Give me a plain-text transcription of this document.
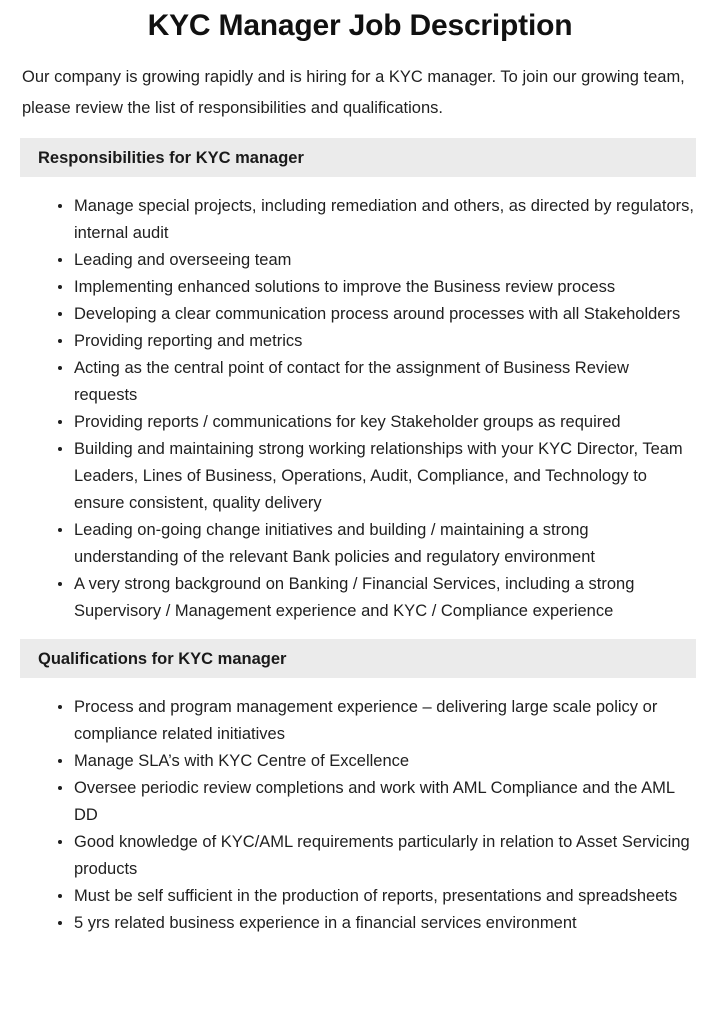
KYC Manager Job Description

Our company is growing rapidly and is hiring for a KYC manager. To join our growing team, please review the list of responsibilities and qualifications.

Responsibilities for KYC manager
Manage special projects, including remediation and others, as directed by regulators, internal audit
Leading and overseeing team
Implementing enhanced solutions to improve the Business review process
Developing a clear communication process around processes with all Stakeholders
Providing reporting and metrics
Acting as the central point of contact for the assignment of Business Review requests
Providing reports / communications for key Stakeholder groups as required
Building and maintaining strong working relationships with your KYC Director, Team Leaders, Lines of Business, Operations, Audit, Compliance, and Technology to ensure consistent, quality delivery
Leading on-going change initiatives and building / maintaining a strong understanding of the relevant Bank policies and regulatory environment
A very strong background on Banking / Financial Services, including a strong Supervisory / Management experience and KYC / Compliance experience
Qualifications for KYC manager
Process and program management experience – delivering large scale policy or compliance related initiatives
Manage SLA’s with KYC Centre of Excellence
Oversee periodic review completions and work with AML Compliance and the AML DD
Good knowledge of KYC/AML requirements particularly in relation to Asset Servicing products
Must be self sufficient in the production of reports, presentations and spreadsheets
5 yrs related business experience in a financial services environment
